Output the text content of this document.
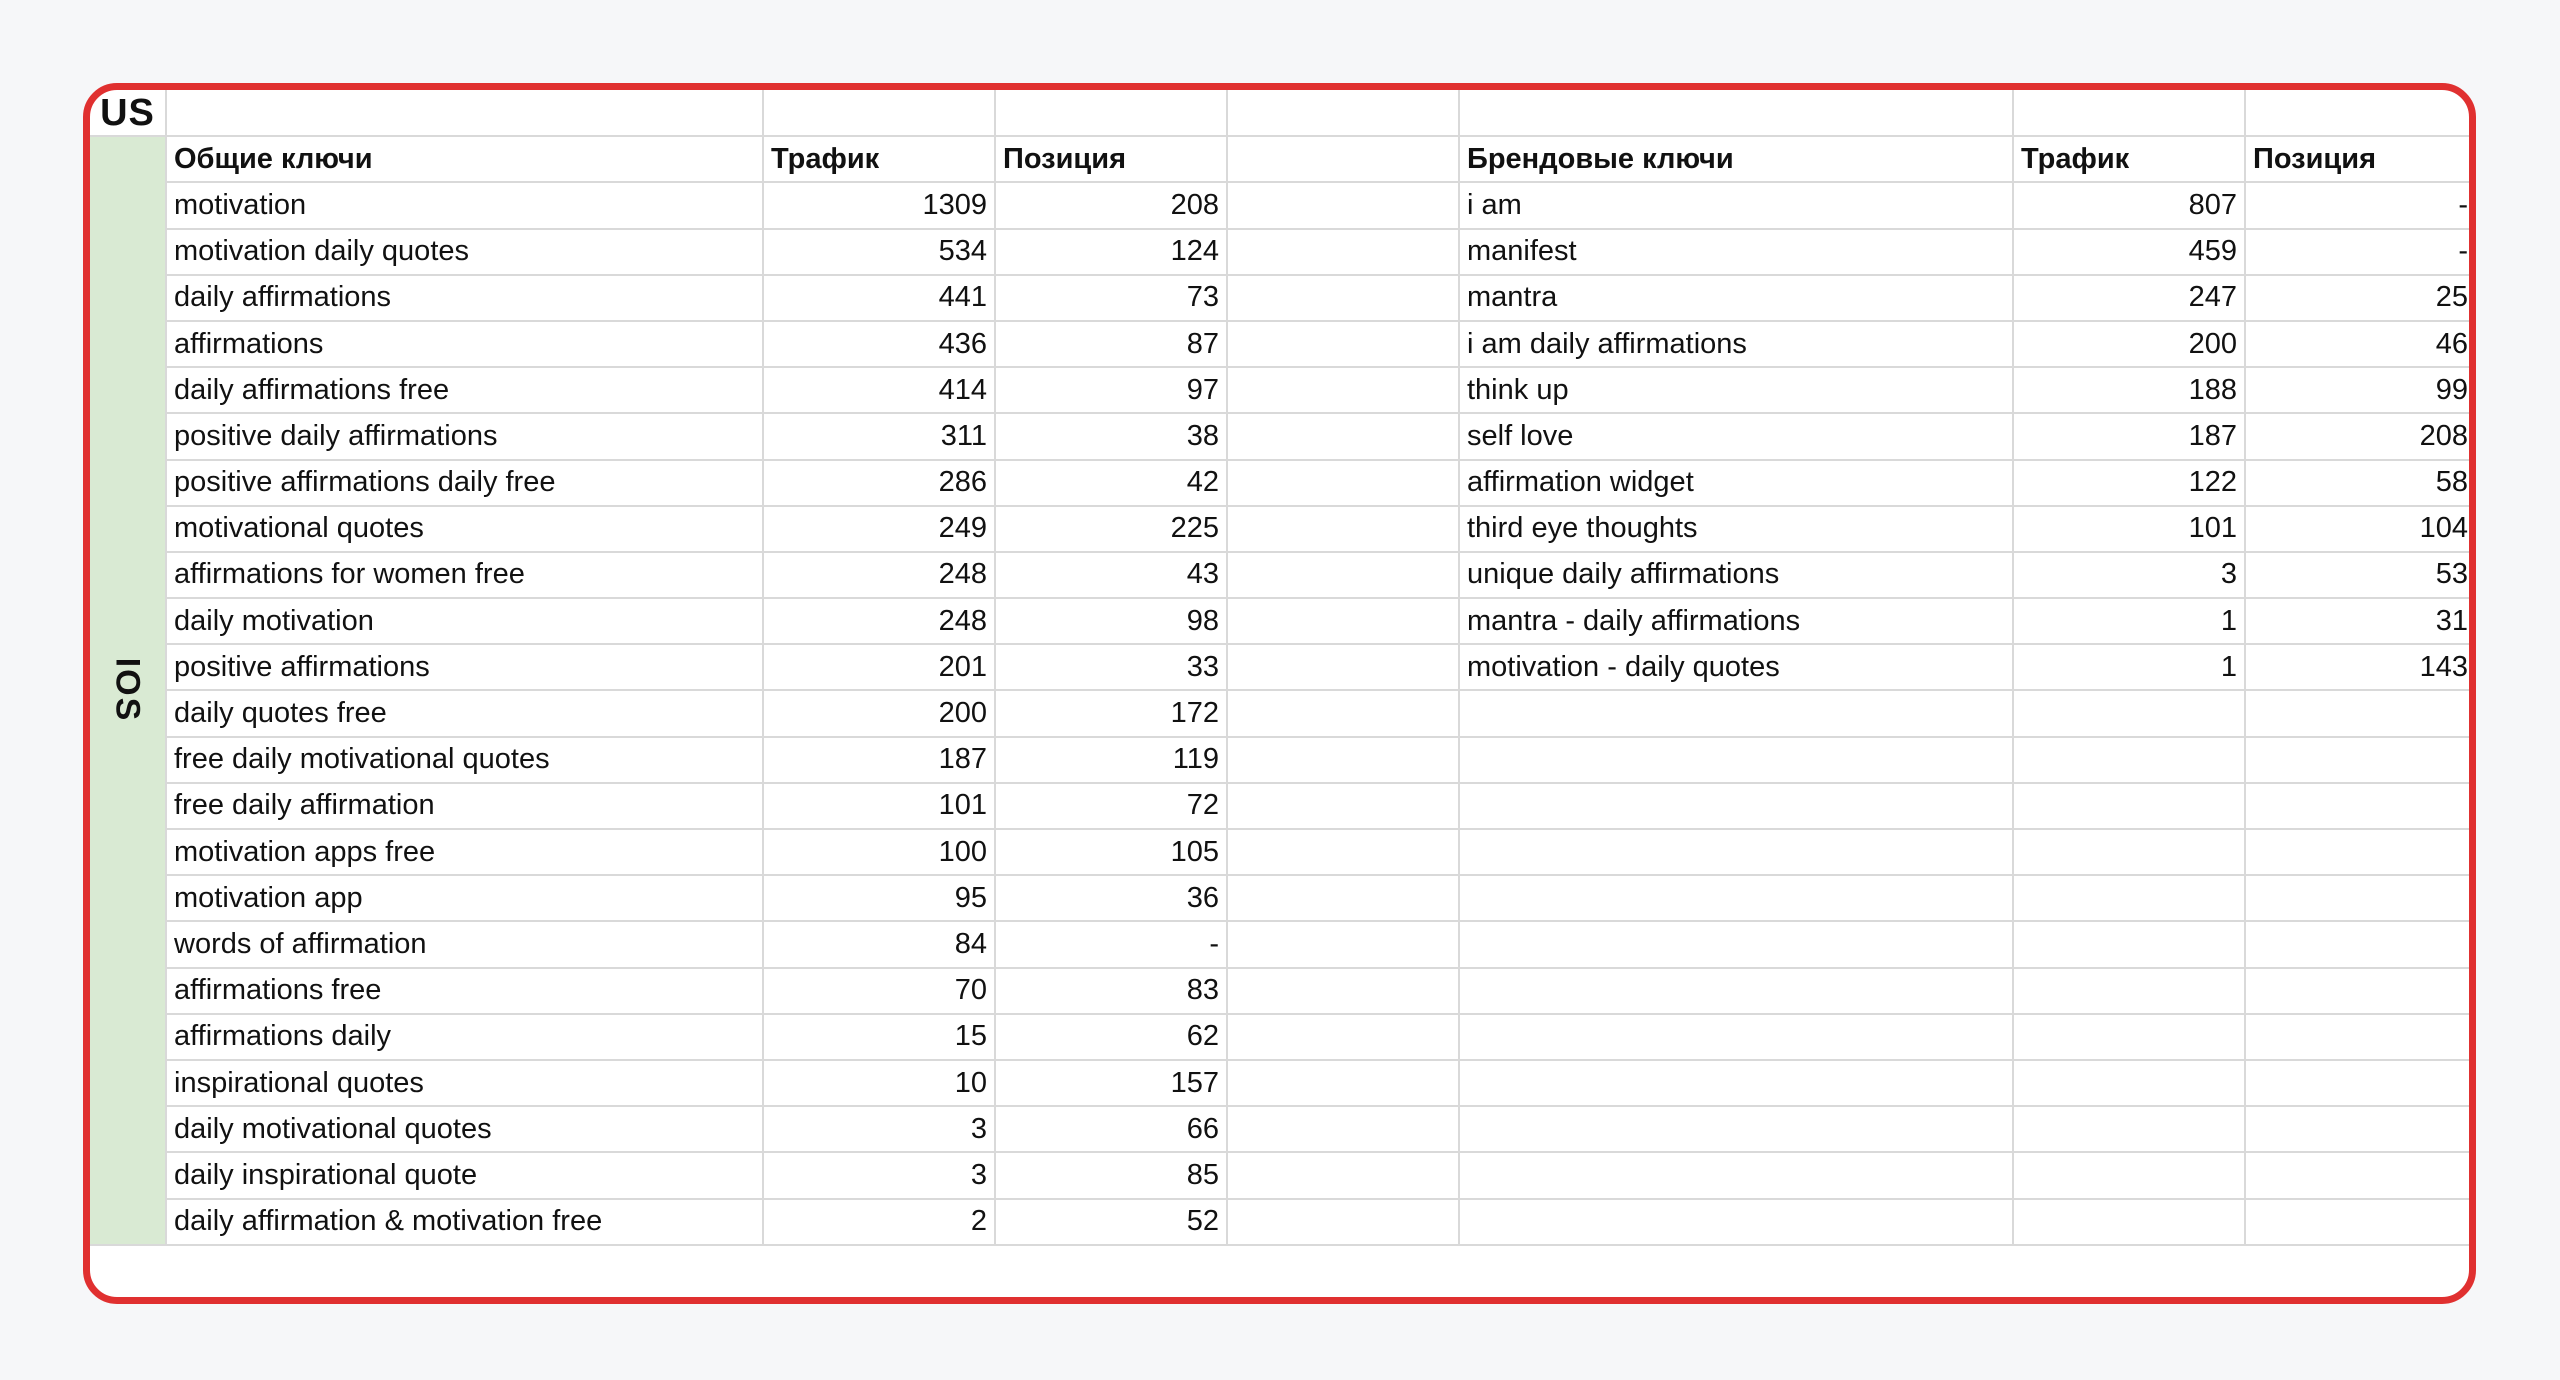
US								
IOS	Общие ключи	Трафик	Позиция		Брендовые ключи	Трафик	Позиция	
	motivation	1309	208		i am	807	-	
	motivation daily quotes	534	124		manifest	459	-	
	daily affirmations	441	73		mantra	247	25	
	affirmations	436	87		i am daily affirmations	200	46	
	daily affirmations free	414	97		think up	188	99	
	positive daily affirmations	311	38		self love	187	208	
	positive affirmations daily free	286	42		affirmation widget	122	58	
	motivational quotes	249	225		third eye thoughts	101	104	
	affirmations for women free	248	43		unique daily affirmations	3	53	
	daily motivation	248	98		mantra - daily affirmations	1	31	
	positive affirmations	201	33		motivation - daily quotes	1	143	
	daily quotes free	200	172					
	free daily motivational quotes	187	119					
	free daily affirmation	101	72					
	motivation apps free	100	105					
	motivation app	95	36					
	words of affirmation	84	-					
	affirmations free	70	83					
	affirmations daily	15	62					
	inspirational quotes	10	157					
	daily motivational quotes	3	66					
	daily inspirational quote	3	85					
	daily affirmation & motivation free	2	52					
